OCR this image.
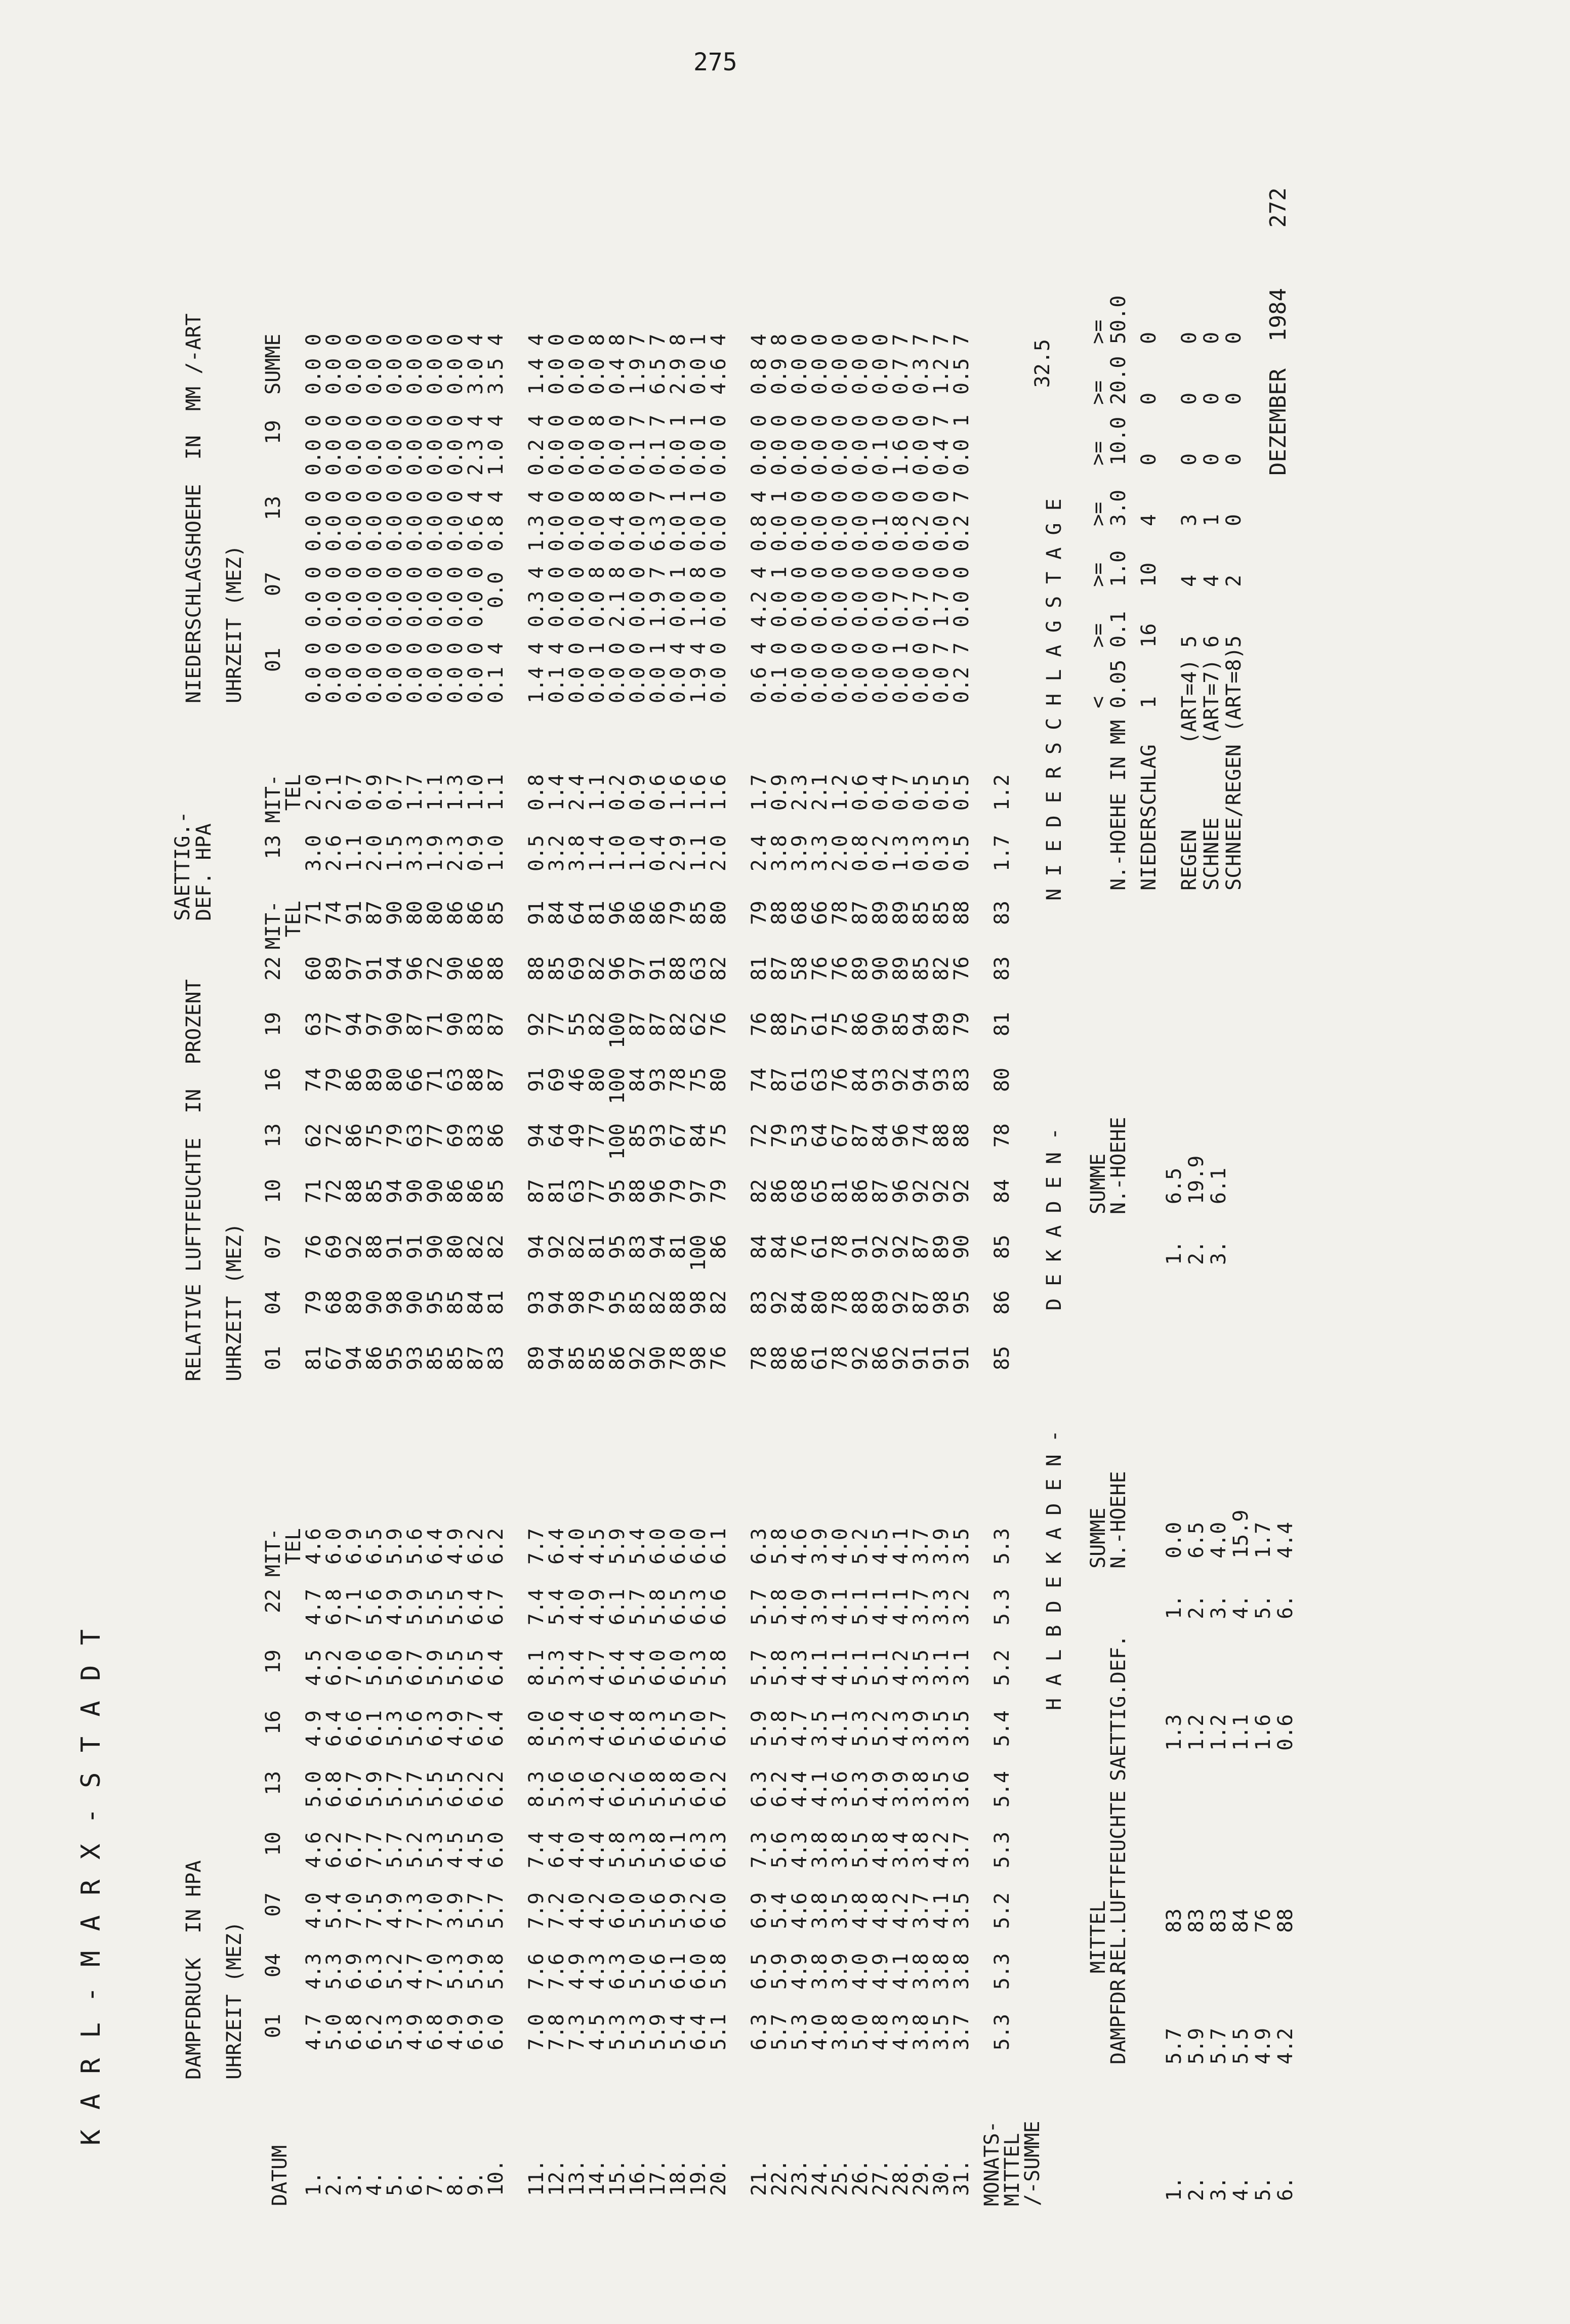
275

K A R L - M A R X - S T A D T

DEZEMBER  1984

272

DAMPFDRUCK  IN HPA

RELATIVE LUFTFEUCHTE  IN  PROZENT

SAETTIG.-
DEF. HPA

NIEDERSCHLAGSHOEHE  IN  MM /-ART

UHRZEIT (MEZ)

UHRZEIT (MEZ)

UHRZEIT (MEZ)

DATUM

01
04
07
10
13
16
19
22
MIT-
TEL
01
04
07
10
13
16
19
22
MIT-
TEL
13
MIT-
TEL
01
07
13
19
SUMME
1.
4.7
4.3
4.0
4.6
5.0
4.9
4.5
4.7
4.6
81
79
76
71
62
74
63
60
71
3.0
2.0
0.0 0
0.0 0
0.0 0
0.0 0
0.0 0
2.
5.0
5.3
5.4
6.2
6.8
6.4
6.2
6.8
6.0
67
68
69
72
72
79
77
89
74
2.6
2.1
0.0 0
0.0 0
0.0 0
0.0 0
0.0 0
3.
6.8
6.9
7.0
6.7
6.7
6.6
7.0
7.1
6.9
94
89
92
88
86
86
94
97
91
1.1
0.7
0.0 0
0.0 0
0.0 0
0.0 0
0.0 0
4.
6.2
6.3
7.5
7.7
5.9
6.1
5.6
5.6
6.5
86
90
88
85
75
89
97
91
87
2.0
0.9
0.0 0
0.0 0
0.0 0
0.0 0
0.0 0
5.
5.3
5.2
4.9
5.7
5.7
5.3
5.0
4.9
5.9
95
98
91
94
79
80
90
94
90
1.5
0.7
0.0 0
0.0 0
0.0 0
0.0 0
0.0 0
6.
4.9
4.7
7.3
5.2
5.7
5.6
6.7
5.9
5.6
93
90
91
90
63
66
87
96
80
3.3
1.7
0.0 0
0.0 0
0.0 0
0.0 0
0.0 0
7.
6.8
7.0
7.0
5.3
5.5
6.3
5.9
5.5
6.4
85
95
90
90
77
71
71
72
80
1.9
1.1
0.0 0
0.0 0
0.0 0
0.0 0
0.0 0
8.
4.9
5.3
3.9
4.5
6.5
4.9
5.5
5.5
4.9
85
85
80
86
69
63
90
90
86
2.3
1.3
0.0 0
0.0 0
0.0 0
0.0 0
0.0 0
9.
6.9
5.9
5.7
4.5
6.2
6.7
6.5
6.4
6.2
87
84
82
86
83
88
83
86
86
0.9
1.0
0.0 0
0.0 0
0.6 4
2.3 4
3.0 4
10.
6.0
5.8
5.7
6.0
6.2
6.4
6.4
6.7
6.2
83
81
82
85
86
87
87
88
85
1.0
1.1
0.1 4
0.0
0.8 4
1.0 4
3.5 4
11.
7.0
7.6
7.9
7.4
8.3
8.0
8.1
7.4
7.7
89
93
94
87
94
91
92
88
91
0.5
0.8
1.4 4
0.3 4
1.3 4
0.2 4
1.4 4
12.
7.8
7.6
7.2
6.4
5.6
5.6
5.3
5.4
6.4
94
94
92
81
64
69
77
85
84
3.2
1.4
0.1 4
0.0 0
0.0 0
0.0 0
0.0 0
13.
7.3
4.9
4.0
4.0
3.6
3.4
3.4
4.0
4.0
85
98
82
63
49
46
55
69
64
3.8
2.4
0.0 0
0.0 0
0.0 0
0.0 0
0.0 0
14.
4.5
4.3
4.2
4.4
4.6
4.6
4.7
4.9
4.5
85
79
81
77
77
80
82
82
81
1.4
1.1
0.0 1
0.0 8
0.0 8
0.0 8
0.0 8
15.
5.3
6.3
6.0
5.8
6.2
6.4
6.4
6.1
5.9
86
95
95
95
100
100
100
96
96
1.0
0.2
0.0 0
2.1 8
0.4 8
0.0 0
0.4 8
16.
5.3
5.0
5.0
5.3
5.6
5.8
5.4
5.7
5.4
92
85
83
88
85
84
87
97
86
1.0
0.9
0.0 0
0.0 0
0.0 0
0.1 7
1.9 7
17.
5.9
5.6
5.6
5.8
5.8
6.3
6.0
5.8
6.0
90
82
94
96
93
93
87
91
86
0.4
0.6
0.0 1
1.9 7
6.3 7
0.1 7
6.5 7
18.
5.4
6.1
5.9
6.1
5.8
6.5
6.0
6.5
6.0
78
88
81
79
67
78
82
88
79
2.9
1.6
0.0 4
0.0 1
0.0 1
0.0 1
2.9 8
19.
6.4
6.0
6.2
6.3
6.0
5.0
5.3
6.3
6.0
98
98
100
97
84
75
62
63
85
1.1
1.6
1.9 4
1.0 8
0.0 1
0.0 1
0.0 1
20.
5.1
5.8
6.0
6.3
6.2
6.7
5.8
6.6
6.1
76
82
86
79
75
80
76
82
80
2.0
1.6
0.0 0
0.0 0
0.0 0
0.0 0
4.6 4
21.
6.3
6.5
6.9
7.3
6.3
5.9
5.7
5.7
6.3
78
83
84
82
72
74
76
81
79
2.4
1.7
0.6 4
4.2 4
0.8 4
0.0 0
0.8 4
22.
5.7
5.9
5.4
5.6
6.2
5.8
5.8
5.8
5.8
88
92
84
86
79
87
88
87
88
3.8
0.9
0.1 0
0.0 1
0.0 1
0.0 0
0.9 8
23.
5.3
4.9
4.6
4.3
4.4
4.7
4.3
4.0
4.6
86
84
76
68
53
61
57
58
68
3.9
2.3
0.0 0
0.0 0
0.0 0
0.0 0
0.0 0
24.
4.0
3.8
3.8
3.8
4.1
3.5
4.1
3.9
3.9
61
80
61
65
64
63
61
76
66
3.3
2.1
0.0 0
0.0 0
0.0 0
0.0 0
0.0 0
25.
3.8
3.9
3.5
3.8
3.6
4.1
4.1
4.1
4.0
78
78
78
81
67
76
75
76
78
2.0
1.2
0.0 0
0.0 0
0.0 0
0.0 0
0.0 0
26.
5.0
4.0
4.8
5.5
5.3
5.3
5.1
5.1
5.2
92
88
91
86
87
84
86
89
87
0.8
0.6
0.0 0
0.0 0
0.0 0
0.0 0
0.0 0
27.
4.8
4.9
4.8
4.8
4.9
5.2
5.1
4.1
4.5
86
89
92
87
84
93
90
90
89
0.2
0.4
0.0 0
0.0 0
0.1 0
0.1 0
0.0 0
28.
4.3
4.1
4.2
3.4
3.9
4.3
4.2
4.1
4.1
92
92
92
96
96
92
85
89
89
1.3
0.7
0.0 1
0.7 0
0.8 0
1.6 0
0.7 7
29.
3.8
3.8
3.7
3.8
3.8
3.9
3.5
3.7
3.7
91
87
87
92
74
94
94
85
85
0.3
0.5
0.0 0
0.7 0
0.2 0
0.0 0
0.3 7
30.
3.5
3.8
4.1
4.2
3.5
3.5
3.1
3.3
3.9
91
98
89
92
88
93
89
82
85
0.3
0.5
0.0 7
1.7 0
0.0 0
0.4 7
1.2 7
31.
3.7
3.8
3.5
3.7
3.6
3.5
3.1
3.2
3.5
91
95
90
92
88
83
79
76
88
0.5
0.5
0.2 7
0.0 0
0.2 7
0.0 1
0.5 7
MONATS-
MITTEL
/-SUMME
5.3
5.3
5.2
5.3
5.4
5.4
5.2
5.3
5.3
85
86
85
84
78
80
81
83
83
1.7
1.2
32.5

H A L B D E K A D E N -

D E K A D E N -

N I E D E R S C H L A G S T A G E

DAMPFDR.
MITTEL
REL.LUFTFEUCHTE
SAETTIG.DEF.
SUMME
N.-HOEHE
1.
5.7
83
1.3
1.
0.0
2.
5.9
83
1.2
2.
6.5
3.
5.7
83
1.2
3.
4.0
4.
5.5
84
1.1
4.
15.9
5.
4.9
76
1.6
5.
1.7
6.
4.2
88
0.6
6.
4.4
SUMME
N.-HOEHE
1.
6.5
2.
19.9
3.
6.1
N.-HOEHE IN MM
<
0.05
>=
0.1
>=
1.0
>=
3.0
>=
10.0
>=
20.0
>=
50.0
NIEDERSCHLAG
1
16
10
4
0
0
0
REGEN       (ART=4)
5
4
3
0
0
0
SCHNEE      (ART=7)
6
4
1
0
0
0
SCHNEE/REGEN (ART=8)
5
2
0
0
0
0
